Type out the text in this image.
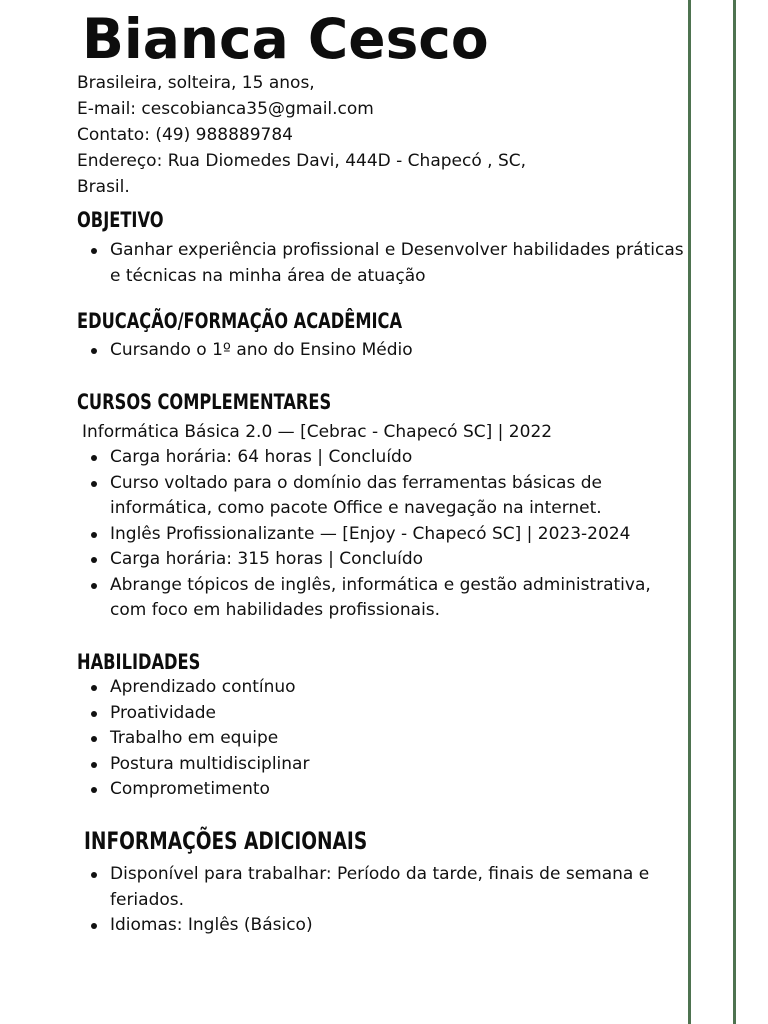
Bianca Cesco
Brasileira, solteira, 15 anos,
E-mail: cescobianca35@gmail.com
Contato: (49) 988889784
Endereço: Rua Diomedes Davi, 444D - Chapecó , SC,
Brasil.
OBJETIVO
Ganhar experiência profissional e Desenvolver habilidades práticas e técnicas na minha área de atuação
EDUCAÇÃO/FORMAÇÃO ACADÊMICA
Cursando o 1º ano do Ensino Médio
CURSOS COMPLEMENTARES
Informática Básica 2.0 — [Cebrac - Chapecó SC] | 2022
Carga horária: 64 horas | Concluído
Curso voltado para o domínio das ferramentas básicas de informática, como pacote Office e navegação na internet.
Inglês Profissionalizante — [Enjoy - Chapecó SC] | 2023-2024
Carga horária: 315 horas | Concluído
Abrange tópicos de inglês, informática e gestão administrativa, com foco em habilidades profissionais.
HABILIDADES
Aprendizado contínuo
Proatividade
Trabalho em equipe
Postura multidisciplinar
Comprometimento
INFORMAÇÕES ADICIONAIS
Disponível para trabalhar: Período da tarde, finais de semana e feriados.
Idiomas: Inglês (Básico)
